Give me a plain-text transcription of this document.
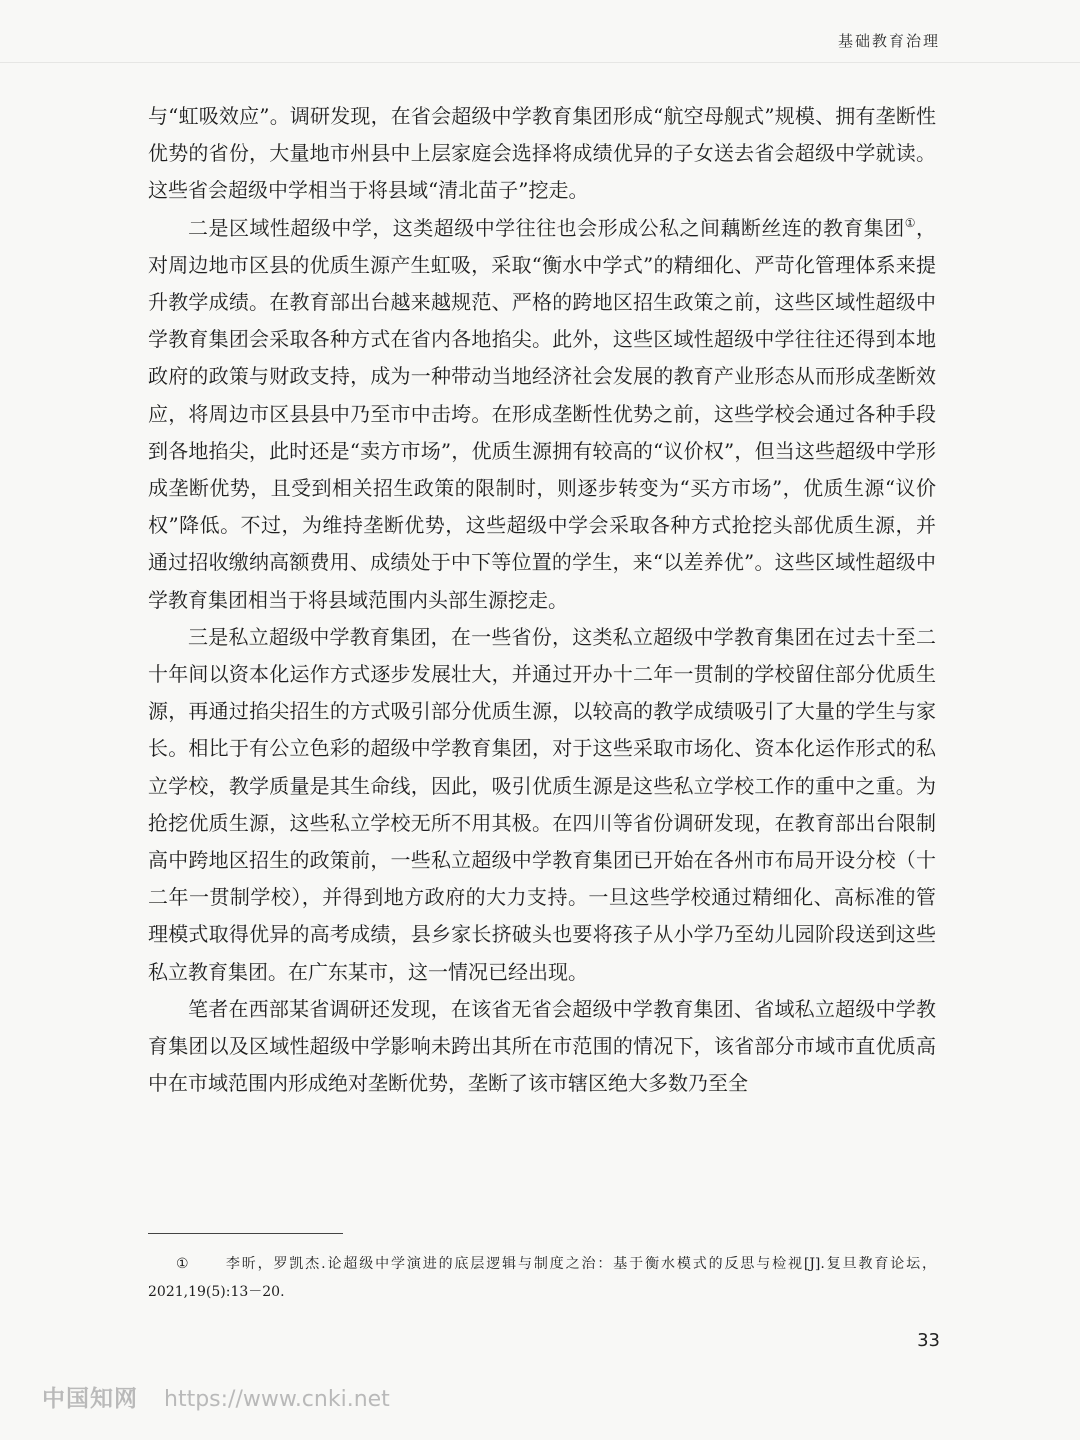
基础教育治理

与“虹吸效应”。调研发现，在省会超级中学教育集团形成“航空母舰式”规模、拥有垄断性优势的省份，大量地市州县中上层家庭会选择将成绩优异的子女送去省会超级中学就读。这些省会超级中学相当于将县域“清北苗子”挖走。

二是区域性超级中学，这类超级中学往往也会形成公私之间藕断丝连的教育集团①，对周边地市区县的优质生源产生虹吸，采取“衡水中学式”的精细化、严苛化管理体系来提升教学成绩。在教育部出台越来越规范、严格的跨地区招生政策之前，这些区域性超级中学教育集团会采取各种方式在省内各地掐尖。此外，这些区域性超级中学往往还得到本地政府的政策与财政支持，成为一种带动当地经济社会发展的教育产业形态从而形成垄断效应，将周边市区县县中乃至市中击垮。在形成垄断性优势之前，这些学校会通过各种手段到各地掐尖，此时还是“卖方市场”，优质生源拥有较高的“议价权”，但当这些超级中学形成垄断优势，且受到相关招生政策的限制时，则逐步转变为“买方市场”，优质生源“议价权”降低。不过，为维持垄断优势，这些超级中学会采取各种方式抢挖头部优质生源，并通过招收缴纳高额费用、成绩处于中下等位置的学生，来“以差养优”。这些区域性超级中学教育集团相当于将县域范围内头部生源挖走。

三是私立超级中学教育集团，在一些省份，这类私立超级中学教育集团在过去十至二十年间以资本化运作方式逐步发展壮大，并通过开办十二年一贯制的学校留住部分优质生源，再通过掐尖招生的方式吸引部分优质生源，以较高的教学成绩吸引了大量的学生与家长。相比于有公立色彩的超级中学教育集团，对于这些采取市场化、资本化运作形式的私立学校，教学质量是其生命线，因此，吸引优质生源是这些私立学校工作的重中之重。为抢挖优质生源，这些私立学校无所不用其极。在四川等省份调研发现，在教育部出台限制高中跨地区招生的政策前，一些私立超级中学教育集团已开始在各州市布局开设分校（十二年一贯制学校），并得到地方政府的大力支持。一旦这些学校通过精细化、高标准的管理模式取得优异的高考成绩，县乡家长挤破头也要将孩子从小学乃至幼儿园阶段送到这些私立教育集团。在广东某市，这一情况已经出现。

笔者在西部某省调研还发现，在该省无省会超级中学教育集团、省域私立超级中学教育集团以及区域性超级中学影响未跨出其所在市范围的情况下，该省部分市域市直优质高中在市域范围内形成绝对垄断优势，垄断了该市辖区绝大多数乃至全

①	李昕，罗凯杰.论超级中学演进的底层逻辑与制度之治：基于衡水模式的反思与检视[J].复旦教育论坛，2021,19(5):13－20.
33
中国知网 https://www.cnki.net
